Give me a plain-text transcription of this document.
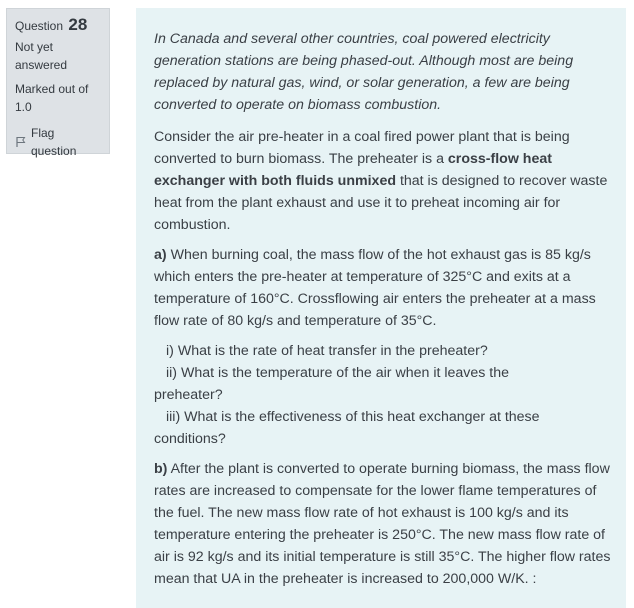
Question 28
Not yet answered
Marked out of 1.0
Flag question

In Canada and several other countries, coal powered electricity generation stations are being phased-out. Although most are being replaced by natural gas, wind, or solar generation, a few are being converted to operate on biomass combustion.

Consider the air pre-heater in a coal fired power plant that is being converted to burn biomass. The preheater is a cross-flow heat exchanger with both fluids unmixed that is designed to recover waste heat from the plant exhaust and use it to preheat incoming air for combustion.

a) When burning coal, the mass flow of the hot exhaust gas is 85 kg/s which enters the pre-heater at temperature of 325°C and exits at a temperature of 160°C. Crossflowing air enters the preheater at a mass flow rate of 80 kg/s and temperature of 35°C.

i) What is the rate of heat transfer in the preheater?
ii) What is the temperature of the air when it leaves the
preheater?
iii) What is the effectiveness of this heat exchanger at these
conditions?

b) After the plant is converted to operate burning biomass, the mass flow rates are increased to compensate for the lower flame temperatures of the fuel. The new mass flow rate of hot exhaust is 100 kg/s and its temperature entering the preheater is 250°C. The new mass flow rate of air is 92 kg/s and its initial temperature is still 35°C. The higher flow rates mean that UA in the preheater is increased to 200,000 W/K. :
